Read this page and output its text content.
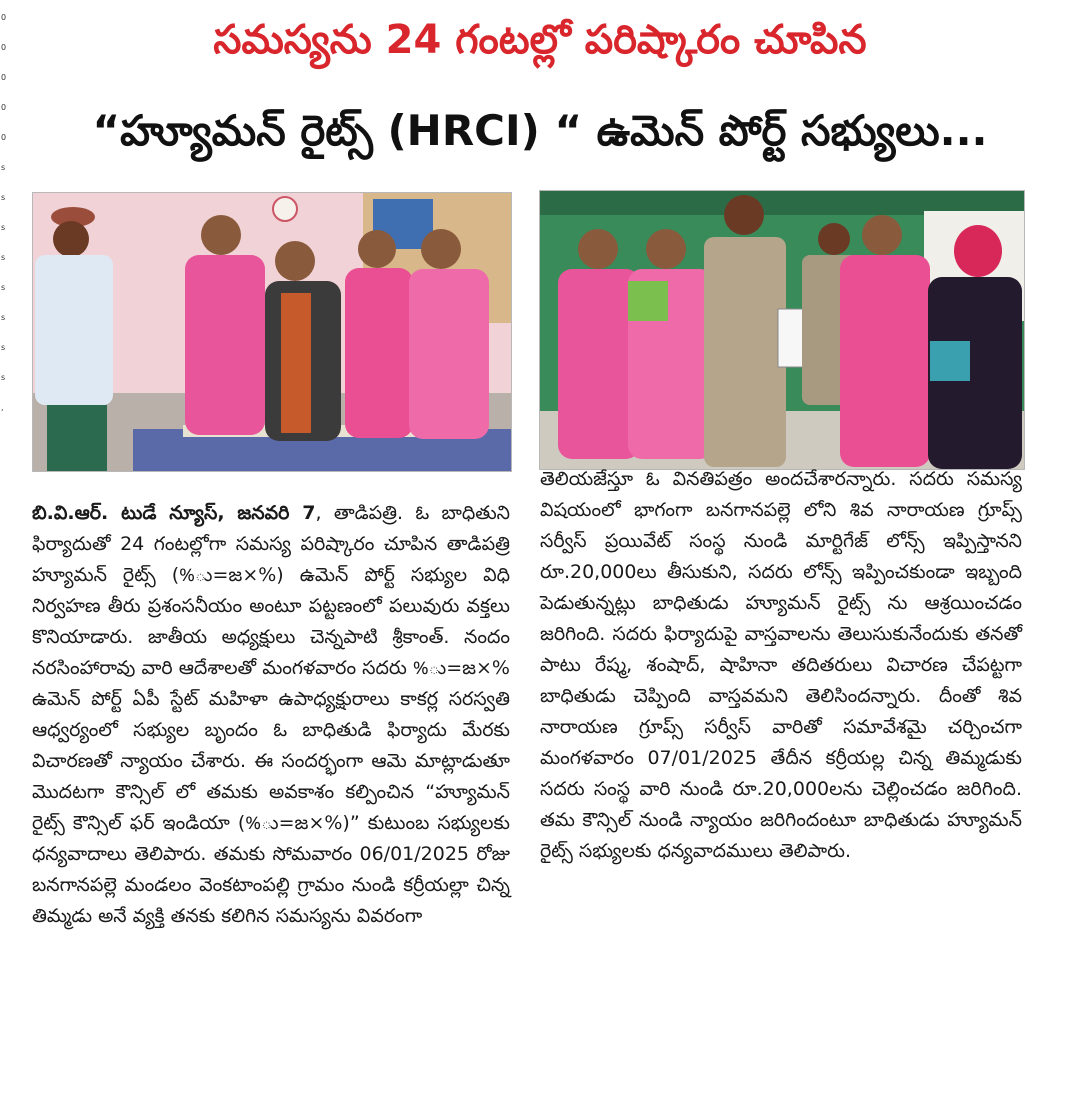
0
0
0
0
0
s
s
s
s
s
s
s
s
,
సమస్యను 24 గంటల్లో పరిష్కారం చూపిన
“హ్యూమన్ రైట్స్ (HRCI) “ ఉమెన్ పోర్ట్ సభ్యులు...

బి.వి.ఆర్. టుడే న్యూస్, జనవరి 7, తాడిపత్రి. ఓ బాధితుని ఫిర్యాదుతో 24 గంటల్లోగా సమస్య పరిష్కారం చూపిన తాడిపత్రి హ్యూమన్ రైట్స్ (%ు=జ×%) ఉమెన్ పోర్ట్ సభ్యుల విధి నిర్వహణ తీరు ప్రశంసనీయం అంటూ పట్టణంలో పలువురు వక్తలు కొనియాడారు. జాతీయ అధ్యక్షులు చెన్నపాటి శ్రీకాంత్. నందం నరసింహారావు వారి ఆదేశాలతో మంగళవారం సదరు %ు=జ×% ఉమెన్ పోర్ట్ ఏపీ స్టేట్ మహిళా ఉపాధ్యక్షురాలు కాకర్ల సరస్వతి ఆధ్వర్యంలో సభ్యుల బృందం ఓ బాధితుడి ఫిర్యాదు మేరకు విచారణతో న్యాయం చేశారు. ఈ సందర్భంగా ఆమె మాట్లాడుతూ మొదటగా కౌన్సిల్ లో తమకు అవకాశం కల్పించిన “హ్యూమన్ రైట్స్ కౌన్సిల్ ఫర్ ఇండియా (%ు=జ×%)” కుటుంబ సభ్యులకు ధన్యవాదాలు తెలిపారు. తమకు సోమవారం 06/01/2025 రోజు బనగానపల్లె మండలం వెంకటాంపల్లి గ్రామం నుండి కర్రీయల్లా చిన్న తిమ్మడు అనే వ్యక్తి తనకు కలిగిన సమస్యను వివరంగా

తెలియజేస్తూ ఓ వినతిపత్రం అందచేశారన్నారు. సదరు సమస్య విషయంలో భాగంగా బనగానపల్లె లోని శివ నారాయణ గ్రూప్స్ సర్వీస్ ప్రయివేట్ సంస్థ నుండి మార్టిగేజ్ లోన్స్ ఇప్పిస్తానని రూ.20,000లు తీసుకుని, సదరు లోన్స్ ఇప్పించకుండా ఇబ్బంది పెడుతున్నట్లు బాధితుడు హ్యూమన్ రైట్స్ ను ఆశ్రయించడం జరిగింది. సదరు ఫిర్యాదుపై వాస్తవాలను తెలుసుకునేందుకు తనతో పాటు రేష్మ, శంషాద్, షాహినా తదితరులు విచారణ చేపట్టగా బాధితుడు చెప్పింది వాస్తవమని తెలిసిందన్నారు. దీంతో శివ నారాయణ గ్రూప్స్ సర్వీస్ వారితో సమావేశమై చర్చించగా మంగళవారం 07/01/2025 తేదీన కర్రీయల్ల చిన్న తిమ్మడుకు సదరు సంస్థ వారి నుండి రూ.20,000లను చెల్లించడం జరిగింది. తమ కౌన్సిల్ నుండి న్యాయం జరిగిందంటూ బాధితుడు హ్యూమన్ రైట్స్ సభ్యులకు ధన్యవాదములు తెలిపారు.
